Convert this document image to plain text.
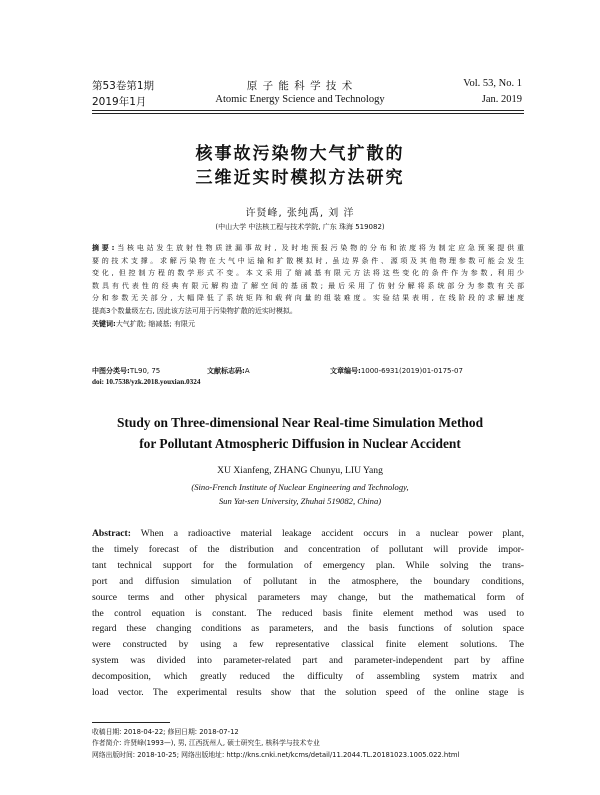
第53卷第1期	原 子 能 科 学 技 术	Vol. 53, No. 1
2019年1月	Atomic Energy Science and Technology	Jan. 2019
核事故污染物大气扩散的
三维近实时模拟方法研究
许贤峰, 张纯禹, 刘 洋
(中山大学 中法核工程与技术学院, 广东 珠海 519082)
摘要:当核电站发生放射性物质泄漏事故时, 及时地预报污染物的分布和浓度将为制定应急预案提供重
要的技术支撑。求解污染物在大气中运输和扩散模拟时, 虽边界条件、源项及其他物理参数可能会发生
变化, 但控制方程的数学形式不变。本文采用了缩减基有限元方法将这些变化的条件作为参数, 利用少
数具有代表性的经典有限元解构造了解空间的基函数; 最后采用了仿射分解将系统部分为参数有关部
分和参数无关部分, 大幅降低了系统矩阵和载荷向量的组装难度。实验结果表明, 在线阶段的求解速度
提高3个数量级左右, 因此该方法可用于污染物扩散的近实时模拟。
关键词:大气扩散; 缩减基; 有限元
中图分类号:TL90, 75	文献标志码:A	文章编号:1000-6931(2019)01-0175-07
doi: 10.7538/yzk.2018.youxian.0324
Study on Three-dimensional Near Real-time Simulation Method
for Pollutant Atmospheric Diffusion in Nuclear Accident
XU Xianfeng, ZHANG Chunyu, LIU Yang
(Sino-French Institute of Nuclear Engineering and Technology,
Sun Yat-sen University, Zhuhai 519082, China)
Abstract: When a radioactive material leakage accident occurs in a nuclear power plant,
the timely forecast of the distribution and concentration of pollutant will provide impor-
tant technical support for the formulation of emergency plan. While solving the trans-
port and diffusion simulation of pollutant in the atmosphere, the boundary conditions,
source terms and other physical parameters may change, but the mathematical form of
the control equation is constant. The reduced basis finite element method was used to
regard these changing conditions as parameters, and the basis functions of solution space
were constructed by using a few representative classical finite element solutions. The
system was divided into parameter-related part and parameter-independent part by affine
decomposition, which greatly reduced the difficulty of assembling system matrix and
load vector. The experimental results show that the solution speed of the online stage is
收稿日期: 2018-04-22; 修回日期: 2018-07-12
作者简介: 许贤峰(1993—), 男, 江西抚州人, 硕士研究生, 核科学与技术专业
网络出版时间: 2018-10-25; 网络出版地址: http://kns.cnki.net/kcms/detail/11.2044.TL.20181023.1005.022.html
